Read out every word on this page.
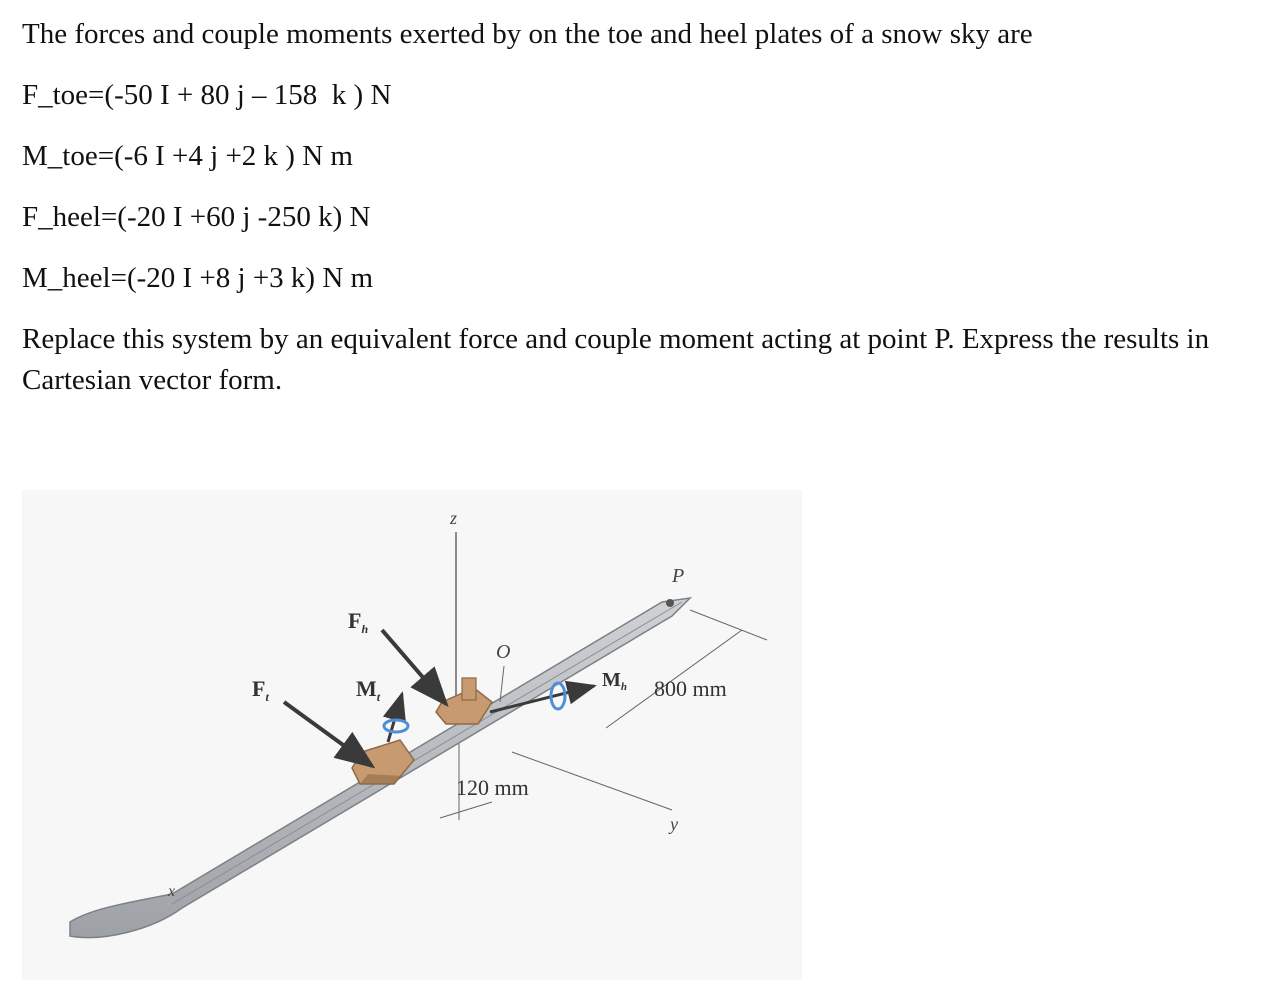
The forces and couple moments exerted by on the toe and heel plates of a snow sky are

F_toe=(-50 I + 80 j – 158  k ) N

M_toe=(-6 I +4 j +2 k ) N m

F_heel=(-20 I +60 j -250 k) N

M_heel=(-20 I +8 j +3 k) N m

Replace this system by an equivalent force and couple moment acting at point P. Express the results in Cartesian vector form.

z
800 mm
y
120 mm
x
P
O
$F_t$
$F_h$
$M_t$
$M_h$
